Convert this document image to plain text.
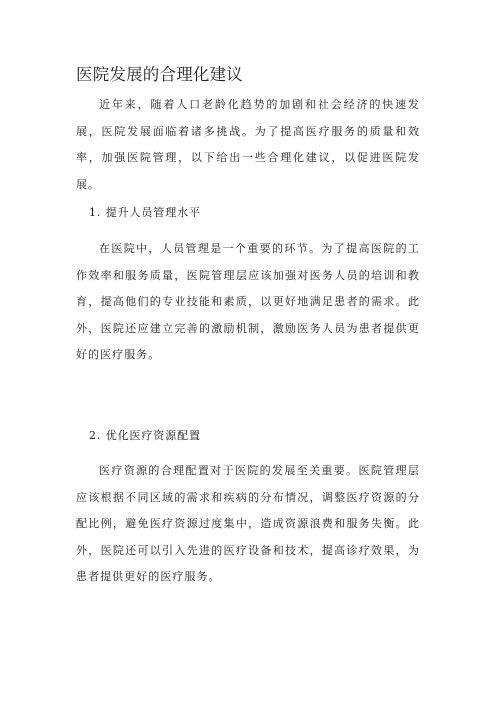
医院发展的合理化建议

近年来，随着人口老龄化趋势的加剧和社会经济的快速发展，医院发展面临着诸多挑战。为了提高医疗服务的质量和效率，加强医院管理，以下给出一些合理化建议，以促进医院发展。

1. 提升人员管理水平

在医院中，人员管理是一个重要的环节。为了提高医院的工作效率和服务质量，医院管理层应该加强对医务人员的培训和教育，提高他们的专业技能和素质，以更好地满足患者的需求。此外，医院还应建立完善的激励机制，激励医务人员为患者提供更好的医疗服务。

2. 优化医疗资源配置

医疗资源的合理配置对于医院的发展至关重要。医院管理层应该根据不同区域的需求和疾病的分布情况，调整医疗资源的分配比例，避免医疗资源过度集中，造成资源浪费和服务失衡。此外，医院还可以引入先进的医疗设备和技术，提高诊疗效果，为患者提供更好的医疗服务。
